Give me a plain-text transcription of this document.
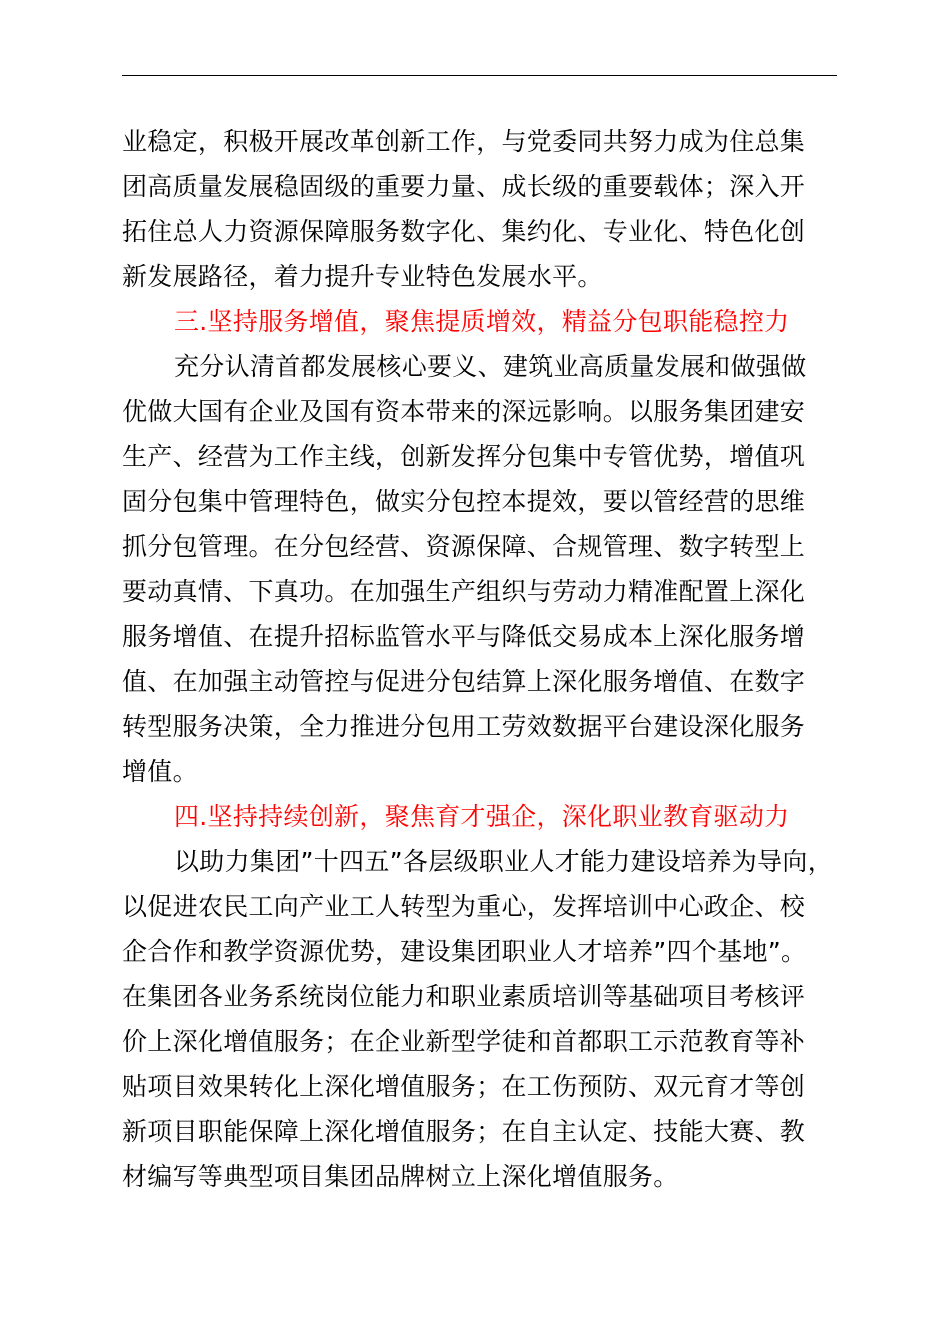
业稳定，积极开展改革创新工作，与党委同共努力成为住总集
团高质量发展稳固级的重要力量、成长级的重要载体；深入开
拓住总人力资源保障服务数字化、集约化、专业化、特色化创
新发展路径，着力提升专业特色发展水平。
三.坚持服务增值，聚焦提质增效，精益分包职能稳控力
充分认清首都发展核心要义、建筑业高质量发展和做强做
优做大国有企业及国有资本带来的深远影响。以服务集团建安
生产、经营为工作主线，创新发挥分包集中专管优势，增值巩
固分包集中管理特色，做实分包控本提效，要以管经营的思维
抓分包管理。在分包经营、资源保障、合规管理、数字转型上
要动真情、下真功。在加强生产组织与劳动力精准配置上深化
服务增值、在提升招标监管水平与降低交易成本上深化服务增
值、在加强主动管控与促进分包结算上深化服务增值、在数字
转型服务决策，全力推进分包用工劳效数据平台建设深化服务
增值。
四.坚持持续创新，聚焦育才强企，深化职业教育驱动力
以助力集团”十四五”各层级职业人才能力建设培养为导向，
以促进农民工向产业工人转型为重心，发挥培训中心政企、校
企合作和教学资源优势，建设集团职业人才培养”四个基地”。
在集团各业务系统岗位能力和职业素质培训等基础项目考核评
价上深化增值服务；在企业新型学徒和首都职工示范教育等补
贴项目效果转化上深化增值服务；在工伤预防、双元育才等创
新项目职能保障上深化增值服务；在自主认定、技能大赛、教
材编写等典型项目集团品牌树立上深化增值服务。
